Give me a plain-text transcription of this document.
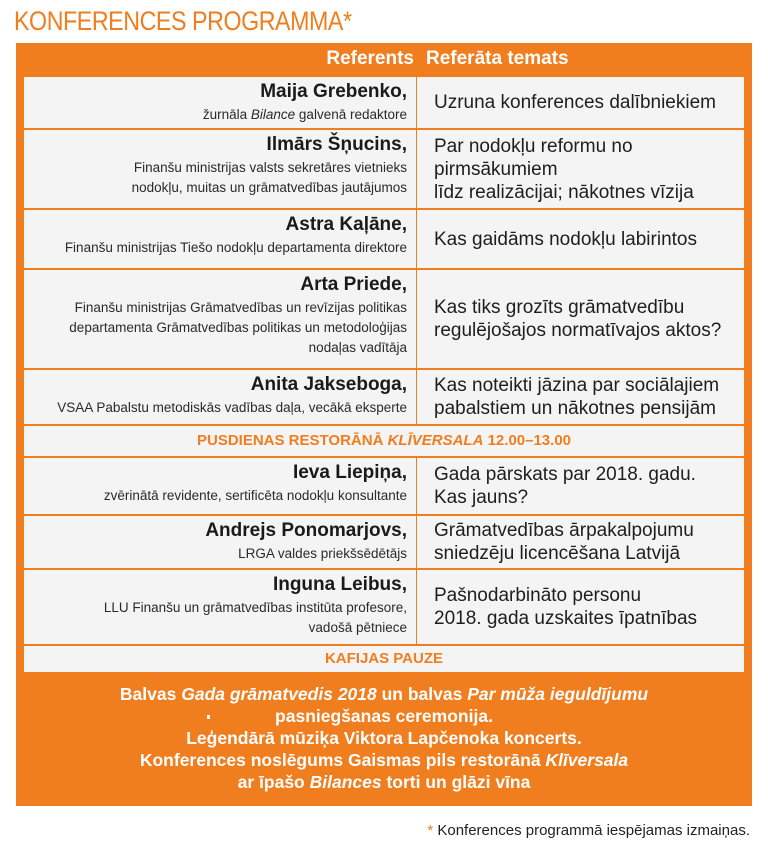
KONFERENCES PROGRAMMA*
Referents Referāta temats
Maija Grebenko,
žurnāla Bilance galvenā redaktore
Uzruna konferences dalībniekiem
Ilmārs Šņucins,
Finanšu ministrijas valsts sekretāres vietnieks
nodokļu, muitas un grāmatvedības jautājumos
Par nodokļu reformu no pirmsākumiem
līdz realizācijai; nākotnes vīzija
Astra Kaļāne,
Finanšu ministrijas Tiešo nodokļu departamenta direktore Kas gaidāms nodokļu labirintos
Arta Priede,
Finanšu ministrijas Grāmatvedības un revīzijas politikas
departamenta Grāmatvedības politikas un metodoloģijas
nodaļas vadītāja
Kas tiks grozīts grāmatvedību
regulējošajos normatīvajos aktos?
Anita Jakseboga,
VSAA Pabalstu metodiskās vadības daļa, vecākā eksperte
Kas noteikti jāzina par sociālajiem
pabalstiem un nākotnes pensijām
PUSDIENAS RESTORĀNĀ KLĪVERSALA 12.00–13.00
Ieva Liepiņa,
zvērinātā revidente, sertificēta nodokļu konsultante
Gada pārskats par 2018. gadu.
Kas jauns?
Andrejs Ponomarjovs,
LRGA valdes priekšsēdētājs
Grāmatvedības ārpakalpojumu
sniedzēju licencēšana Latvijā
Inguna Leibus,
LLU Finanšu un grāmatvedības institūta profesore,
vadošā pētniece
Pašnodarbināto personu
2018. gada uzskaites īpatnības
KAFIJAS PAUZE
Balvas Gada grāmatvedis 2018 un balvas Par mūža ieguldījumu
pasniegšanas ceremonija.
Leģendārā mūziķa Viktora Lapčenoka koncerts.
Konferences noslēgums Gaismas pils restorānā Klīversala
ar īpašo Bilances torti un glāzi vīna
* Konferences programmā iespējamas izmaiņas.
